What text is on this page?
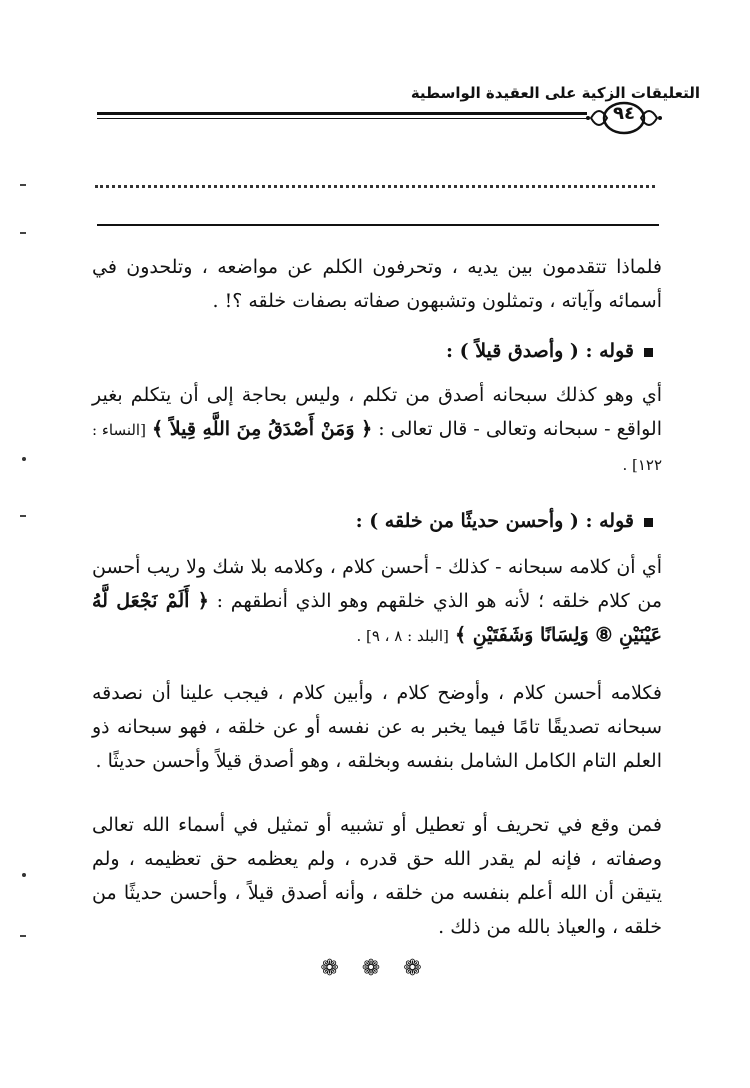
التعليقات الزكية على العقيدة الواسطية
٩٤
فلماذا تتقدمون بين يديه ، وتحرفون الكلم عن مواضعه ، وتلحدون في أسمائه وآياته ، وتمثلون وتشبهون صفاته بصفات خلقه ؟! .
قوله : ( وأصدق قيلاً ) :
أي وهو كذلك سبحانه أصدق من تكلم ، وليس بحاجة إلى أن يتكلم بغير الواقع - سبحانه وتعالى - قال تعالى : ﴿ وَمَنْ أَصْدَقُ مِنَ اللَّهِ قِيلاً ﴾ [النساء : ١٢٢] .
قوله : ( وأحسن حديثًا من خلقه ) :
أي أن كلامه سبحانه - كذلك - أحسن كلام ، وكلامه بلا شك ولا ريب أحسن من كلام خلقه ؛ لأنه هو الذي خلقهم وهو الذي أنطقهم : ﴿ أَلَمْ نَجْعَل لَّهُ عَيْنَيْنِ ⑧ وَلِسَانًا وَشَفَتَيْنِ ﴾ [البلد : ٨ ، ٩] .
فكلامه أحسن كلام ، وأوضح كلام ، وأبين كلام ، فيجب علينا أن نصدقه سبحانه تصديقًا تامًا فيما يخبر به عن نفسه أو عن خلقه ، فهو سبحانه ذو العلم التام الكامل الشامل بنفسه وبخلقه ، وهو أصدق قيلاً وأحسن حديثًا .
فمن وقع في تحريف أو تعطيل أو تشبيه أو تمثيل في أسماء الله تعالى وصفاته ، فإنه لم يقدر الله حق قدره ، ولم يعظمه حق تعظيمه ، ولم يتيقن أن الله أعلم بنفسه من خلقه ، وأنه أصدق قيلاً ، وأحسن حديثًا من خلقه ، والعياذ بالله من ذلك .
❁ ❁ ❁
